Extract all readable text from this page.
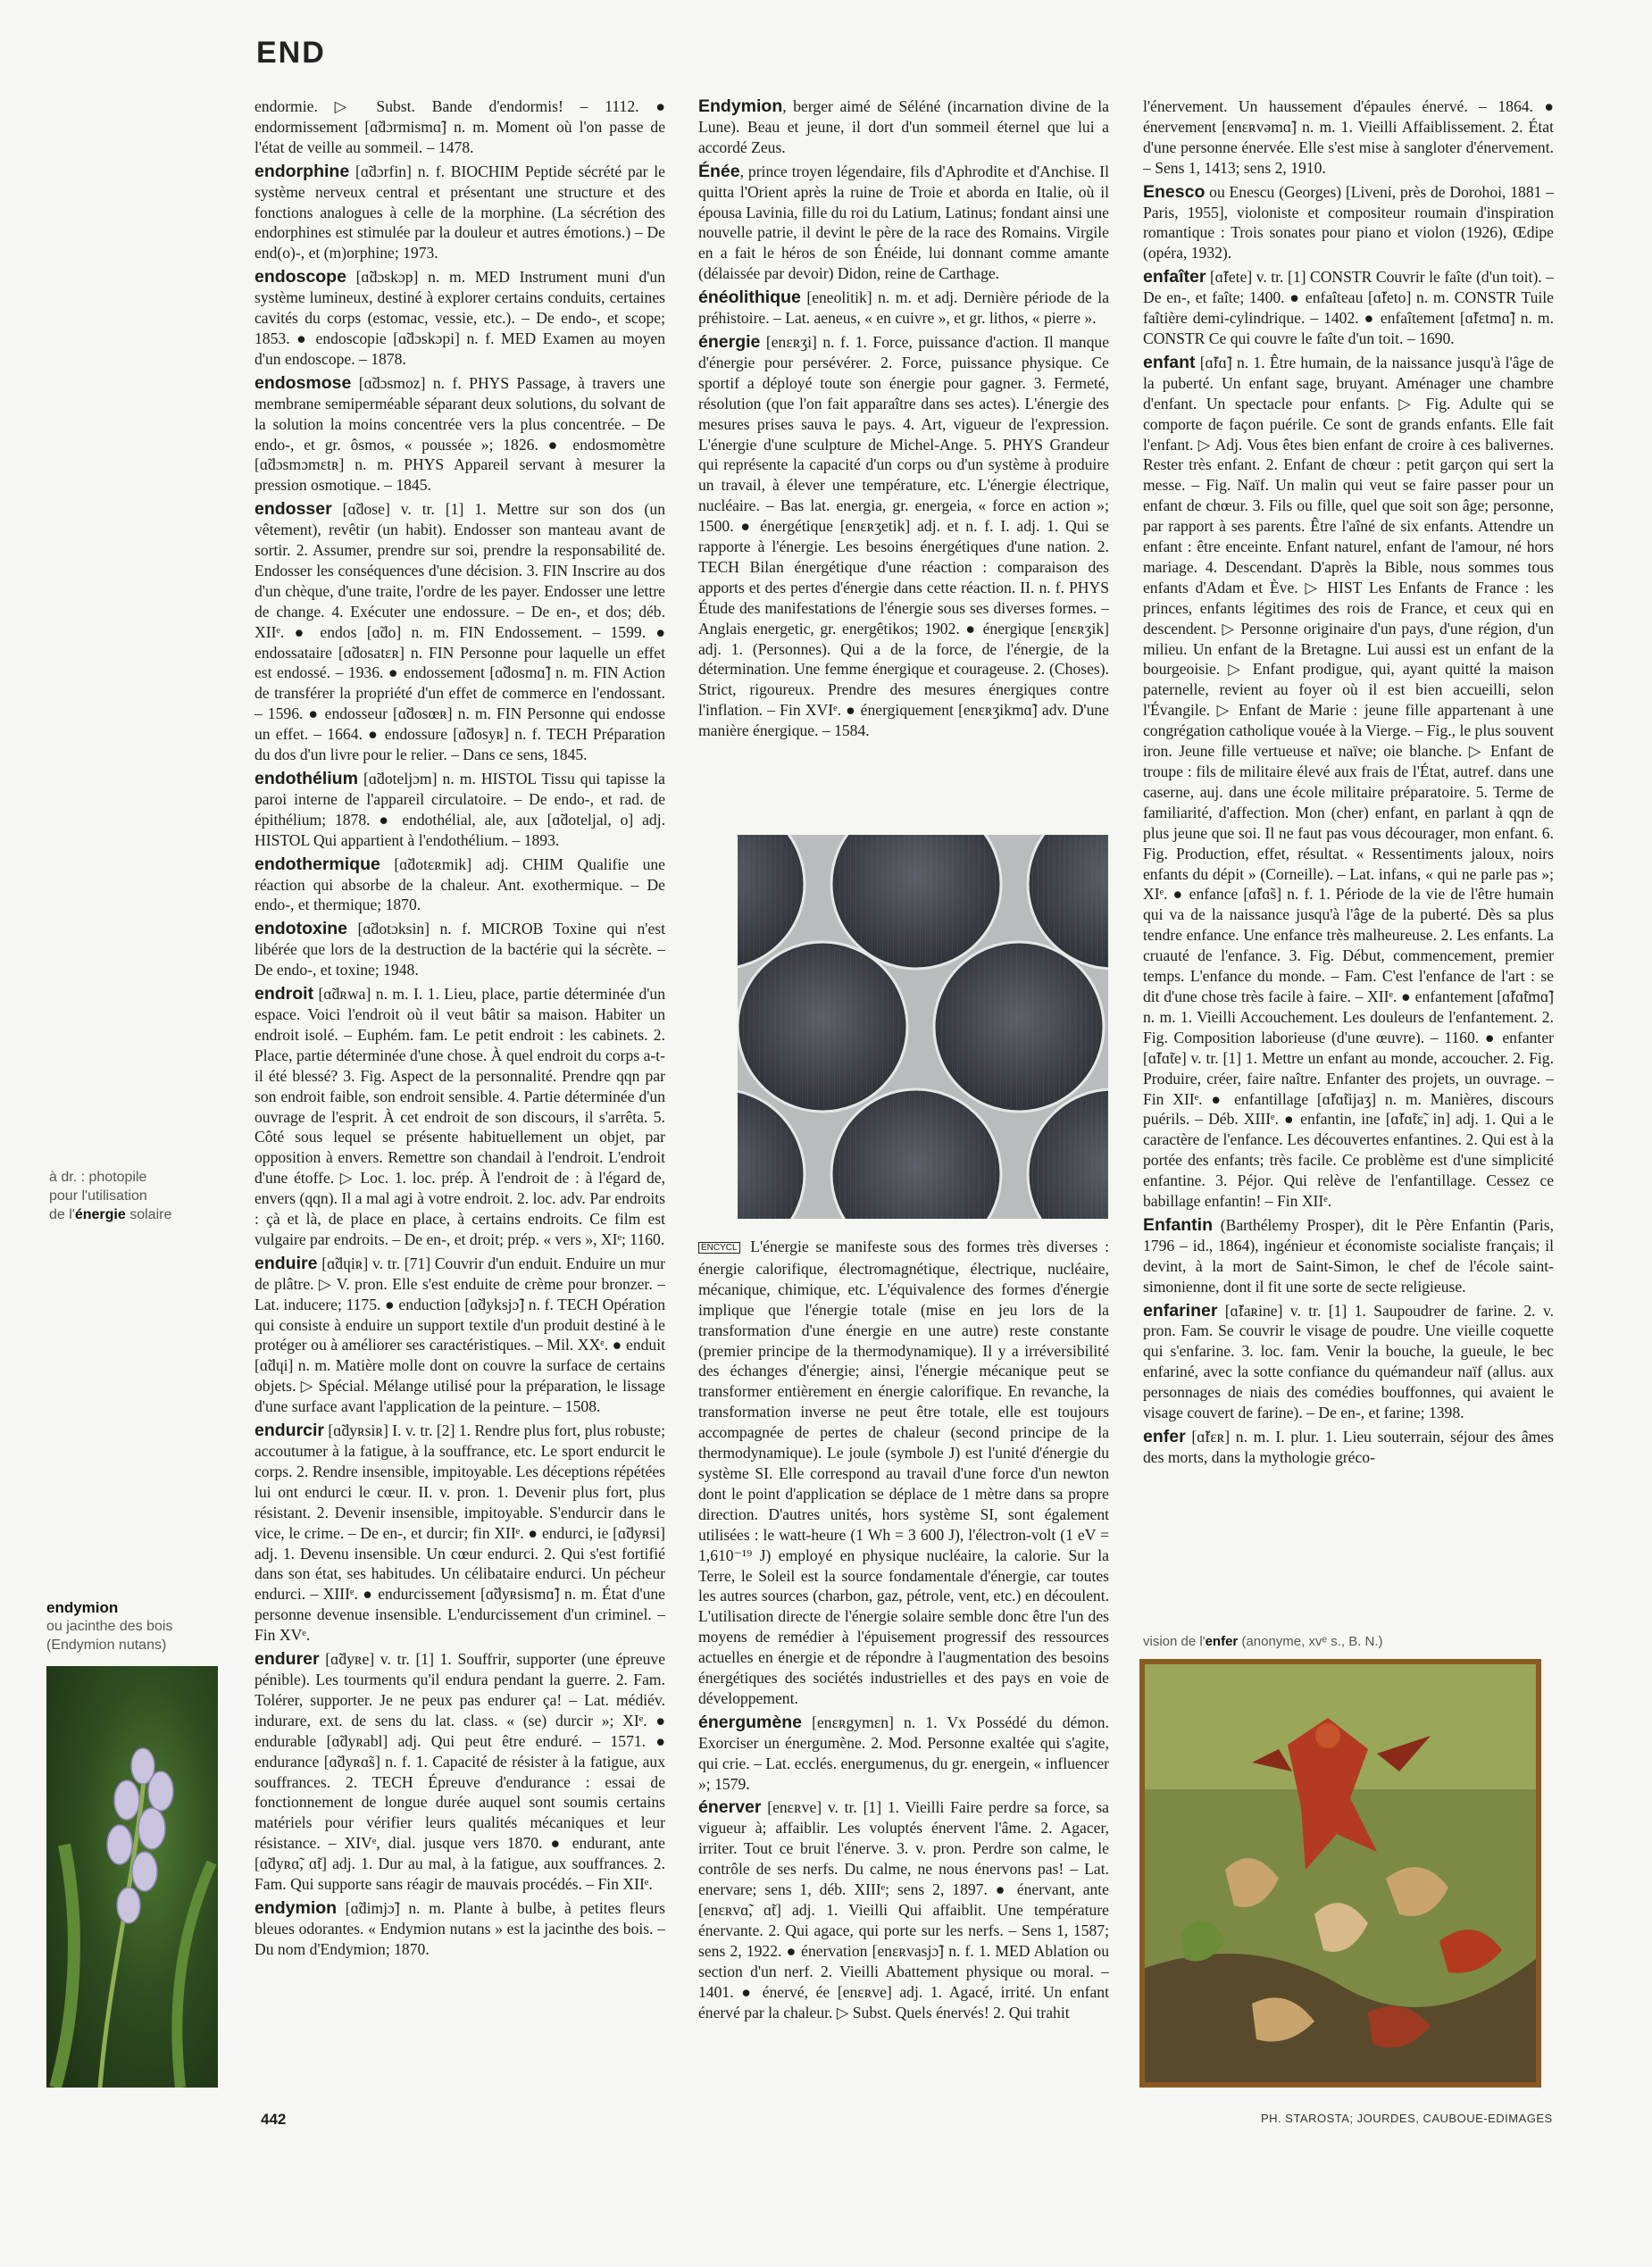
END
endormie. ▷ Subst. Bande d'endormis! – 1112. ● endormissement [ɑ̃dɔrmismɑ̃] n. m. Moment où l'on passe de l'état de veille au sommeil. – 1478.
endorphine [ɑ̃dɔrfin] n. f. BIOCHIM Peptide sécrété par le système nerveux central et présentant une structure et des fonctions analogues à celle de la morphine. (La sécrétion des endorphines est stimulée par la douleur et autres émotions.) – De end(o)-, et (m)orphine; 1973.
endoscope [ɑ̃dɔskɔp] n. m. MED Instrument muni d'un système lumineux, destiné à explorer certains conduits, certaines cavités du corps (estomac, vessie, etc.). – De endo-, et scope; 1853. ● endoscopie [ɑ̃dɔskɔpi] n. f. MED Examen au moyen d'un endoscope. – 1878.
endosmose [ɑ̃dɔsmoz] n. f. PHYS Passage, à travers une membrane semiperméable séparant deux solutions, du solvant de la solution la moins concentrée vers la plus concentrée. – De endo-, et gr. ôsmos, « poussée »; 1826. ● endosmomètre [ɑ̃dɔsmɔmɛtʀ] n. m. PHYS Appareil servant à mesurer la pression osmotique. – 1845.
endosser [ɑ̃dose] v. tr. [1] 1. Mettre sur son dos (un vêtement), revêtir (un habit). Endosser son manteau avant de sortir. 2. Assumer, prendre sur soi, prendre la responsabilité de. Endosser les conséquences d'une décision. 3. FIN Inscrire au dos d'un chèque, d'une traite, l'ordre de les payer. Endosser une lettre de change. 4. Exécuter une endossure. – De en-, et dos; déb. XIIᵉ. ● endos [ɑ̃do] n. m. FIN Endossement. – 1599. ● endossataire [ɑ̃dosatɛʀ] n. FIN Personne pour laquelle un effet est endossé. – 1936. ● endossement [ɑ̃dosmɑ̃] n. m. FIN Action de transférer la propriété d'un effet de commerce en l'endossant. – 1596. ● endosseur [ɑ̃dosœʀ] n. m. FIN Personne qui endosse un effet. – 1664. ● endossure [ɑ̃dosyʀ] n. f. TECH Préparation du dos d'un livre pour le relier. – Dans ce sens, 1845.
endothélium [ɑ̃doteljɔm] n. m. HISTOL Tissu qui tapisse la paroi interne de l'appareil circulatoire. – De endo-, et rad. de épithélium; 1878. ● endothélial, ale, aux [ɑ̃doteljal, o] adj. HISTOL Qui appartient à l'endothélium. – 1893.
endothermique [ɑ̃dotɛʀmik] adj. CHIM Qualifie une réaction qui absorbe de la chaleur. Ant. exothermique. – De endo-, et thermique; 1870.
endotoxine [ɑ̃dotɔksin] n. f. MICROB Toxine qui n'est libérée que lors de la destruction de la bactérie qui la sécrète. – De endo-, et toxine; 1948.
endroit [ɑ̃dʀwa] n. m. I. 1. Lieu, place, partie déterminée d'un espace. Voici l'endroit où il veut bâtir sa maison. Habiter un endroit isolé. – Euphém. fam. Le petit endroit : les cabinets. 2. Place, partie déterminée d'une chose. À quel endroit du corps a-t-il été blessé? 3. Fig. Aspect de la personnalité. Prendre qqn par son endroit faible, son endroit sensible. 4. Partie déterminée d'un ouvrage de l'esprit. À cet endroit de son discours, il s'arrêta. 5. Côté sous lequel se présente habituellement un objet, par opposition à envers. Remettre son chandail à l'endroit. L'endroit d'une étoffe. ▷ Loc. 1. loc. prép. À l'endroit de : à l'égard de, envers (qqn). Il a mal agi à votre endroit. 2. loc. adv. Par endroits : çà et là, de place en place, à certains endroits. Ce film est vulgaire par endroits. – De en-, et droit; prép. « vers », XIᵉ; 1160.
enduire [ɑ̃dɥiʀ] v. tr. [71] Couvrir d'un enduit. Enduire un mur de plâtre. ▷ V. pron. Elle s'est enduite de crème pour bronzer. – Lat. inducere; 1175. ● enduction [ɑ̃dyksjɔ̃] n. f. TECH Opération qui consiste à enduire un support textile d'un produit destiné à le protéger ou à améliorer ses caractéristiques. – Mil. XXᵉ. ● enduit [ɑ̃dɥi] n. m. Matière molle dont on couvre la surface de certains objets. ▷ Spécial. Mélange utilisé pour la préparation, le lissage d'une surface avant l'application de la peinture. – 1508.
endurcir [ɑ̃dyʀsiʀ] I. v. tr. [2] 1. Rendre plus fort, plus robuste; accoutumer à la fatigue, à la souffrance, etc. Le sport endurcit le corps. 2. Rendre insensible, impitoyable. Les déceptions répétées lui ont endurci le cœur. II. v. pron. 1. Devenir plus fort, plus résistant. 2. Devenir insensible, impitoyable. S'endurcir dans le vice, le crime. – De en-, et durcir; fin XIIᵉ. ● endurci, ie [ɑ̃dyʀsi] adj. 1. Devenu insensible. Un cœur endurci. 2. Qui s'est fortifié dans son état, ses habitudes. Un célibataire endurci. Un pécheur endurci. – XIIIᵉ. ● endurcissement [ɑ̃dyʀsismɑ̃] n. m. État d'une personne devenue insensible. L'endurcissement d'un criminel. – Fin XVᵉ.
endurer [ɑ̃dyʀe] v. tr. [1] 1. Souffrir, supporter (une épreuve pénible). Les tourments qu'il endura pendant la guerre. 2. Fam. Tolérer, supporter. Je ne peux pas endurer ça! – Lat. médiév. indurare, ext. de sens du lat. class. « (se) durcir »; XIᵉ. ● endurable [ɑ̃dyʀabl] adj. Qui peut être enduré. – 1571. ● endurance [ɑ̃dyʀɑ̃s] n. f. 1. Capacité de résister à la fatigue, aux souffrances. 2. TECH Épreuve d'endurance : essai de fonctionnement de longue durée auquel sont soumis certains matériels pour vérifier leurs qualités mécaniques et leur résistance. – XIVᵉ, dial. jusque vers 1870. ● endurant, ante [ɑ̃dyʀɑ̃, ɑ̃t] adj. 1. Dur au mal, à la fatigue, aux souffrances. 2. Fam. Qui supporte sans réagir de mauvais procédés. – Fin XIIᵉ.
endymion [ɑ̃dimjɔ̃] n. m. Plante à bulbe, à petites fleurs bleues odorantes. « Endymion nutans » est la jacinthe des bois. – Du nom d'Endymion; 1870.
Endymion, berger aimé de Séléné (incarnation divine de la Lune). Beau et jeune, il dort d'un sommeil éternel que lui a accordé Zeus.
Énée, prince troyen légendaire, fils d'Aphrodite et d'Anchise. Il quitta l'Orient après la ruine de Troie et aborda en Italie, où il épousa Lavinia, fille du roi du Latium, Latinus; fondant ainsi une nouvelle patrie, il devint le père de la race des Romains. Virgile en a fait le héros de son Énéide, lui donnant comme amante (délaissée par devoir) Didon, reine de Carthage.
énéolithique [eneolitik] n. m. et adj. Dernière période de la préhistoire. – Lat. aeneus, « en cuivre », et gr. lithos, « pierre ».
énergie [enɛʀʒi] n. f. 1. Force, puissance d'action. Il manque d'énergie pour persévérer. 2. Force, puissance physique. Ce sportif a déployé toute son énergie pour gagner. 3. Fermeté, résolution (que l'on fait apparaître dans ses actes). L'énergie des mesures prises sauva le pays. 4. Art, vigueur de l'expression. L'énergie d'une sculpture de Michel-Ange. 5. PHYS Grandeur qui représente la capacité d'un corps ou d'un système à produire un travail, à élever une température, etc. L'énergie électrique, nucléaire. – Bas lat. energia, gr. energeia, « force en action »; 1500. ● énergétique [enɛʀʒetik] adj. et n. f. I. adj. 1. Qui se rapporte à l'énergie. Les besoins énergétiques d'une nation. 2. TECH Bilan énergétique d'une réaction : comparaison des apports et des pertes d'énergie dans cette réaction. II. n. f. PHYS Étude des manifestations de l'énergie sous ses diverses formes. – Anglais energetic, gr. energêtikos; 1902. ● énergique [enɛʀʒik] adj. 1. (Personnes). Qui a de la force, de l'énergie, de la détermination. Une femme énergique et courageuse. 2. (Choses). Strict, rigoureux. Prendre des mesures énergiques contre l'inflation. – Fin XVIᵉ. ● énergiquement [enɛʀʒikmɑ̃] adv. D'une manière énergique. – 1584.
ENCYCL L'énergie se manifeste sous des formes très diverses : énergie calorifique, électromagnétique, électrique, nucléaire, mécanique, chimique, etc. L'équivalence des formes d'énergie implique que l'énergie totale (mise en jeu lors de la transformation d'une énergie en une autre) reste constante (premier principe de la thermodynamique). Il y a irréversibilité des échanges d'énergie; ainsi, l'énergie mécanique peut se transformer entièrement en énergie calorifique. En revanche, la transformation inverse ne peut être totale, elle est toujours accompagnée de pertes de chaleur (second principe de la thermodynamique). Le joule (symbole J) est l'unité d'énergie du système SI. Elle correspond au travail d'une force d'un newton dont le point d'application se déplace de 1 mètre dans sa propre direction. D'autres unités, hors système SI, sont également utilisées : le watt-heure (1 Wh = 3 600 J), l'électron-volt (1 eV = 1,610⁻¹⁹ J) employé en physique nucléaire, la calorie. Sur la Terre, le Soleil est la source fondamentale d'énergie, car toutes les autres sources (charbon, gaz, pétrole, vent, etc.) en découlent. L'utilisation directe de l'énergie solaire semble donc être l'un des moyens de remédier à l'épuisement progressif des ressources actuelles en énergie et de répondre à l'augmentation des besoins énergétiques des sociétés industrielles et des pays en voie de développement.
énergumène [enɛʀgymɛn] n. 1. Vx Possédé du démon. Exorciser un énergumène. 2. Mod. Personne exaltée qui s'agite, qui crie. – Lat. ecclés. energumenus, du gr. energein, « influencer »; 1579.
énerver [enɛʀve] v. tr. [1] 1. Vieilli Faire perdre sa force, sa vigueur à; affaiblir. Les voluptés énervent l'âme. 2. Agacer, irriter. Tout ce bruit l'énerve. 3. v. pron. Perdre son calme, le contrôle de ses nerfs. Du calme, ne nous énervons pas! – Lat. enervare; sens 1, déb. XIIIᵉ; sens 2, 1897. ● énervant, ante [enɛʀvɑ̃, ɑ̃t] adj. 1. Vieilli Qui affaiblit. Une température énervante. 2. Qui agace, qui porte sur les nerfs. – Sens 1, 1587; sens 2, 1922. ● énervation [enɛʀvasjɔ̃] n. f. 1. MED Ablation ou section d'un nerf. 2. Vieilli Abattement physique ou moral. – 1401. ● énervé, ée [enɛʀve] adj. 1. Agacé, irrité. Un enfant énervé par la chaleur. ▷ Subst. Quels énervés! 2. Qui trahit
l'énervement. Un haussement d'épaules énervé. – 1864. ● énervement [enɛʀvəmɑ̃] n. m. 1. Vieilli Affaiblissement. 2. État d'une personne énervée. Elle s'est mise à sangloter d'énervement. – Sens 1, 1413; sens 2, 1910.
Enesco ou Enescu (Georges) [Liveni, près de Dorohoi, 1881 – Paris, 1955], violoniste et compositeur roumain d'inspiration romantique : Trois sonates pour piano et violon (1926), Œdipe (opéra, 1932).
enfaîter [ɑ̃fete] v. tr. [1] CONSTR Couvrir le faîte (d'un toit). – De en-, et faîte; 1400. ● enfaîteau [ɑ̃feto] n. m. CONSTR Tuile faîtière demi-cylindrique. – 1402. ● enfaîtement [ɑ̃fɛtmɑ̃] n. m. CONSTR Ce qui couvre le faîte d'un toit. – 1690.
enfant [ɑ̃fɑ̃] n. 1. Être humain, de la naissance jusqu'à l'âge de la puberté. Un enfant sage, bruyant. Aménager une chambre d'enfant. Un spectacle pour enfants. ▷ Fig. Adulte qui se comporte de façon puérile. Ce sont de grands enfants. Elle fait l'enfant. ▷ Adj. Vous êtes bien enfant de croire à ces balivernes. Rester très enfant. 2. Enfant de chœur : petit garçon qui sert la messe. – Fig. Naïf. Un malin qui veut se faire passer pour un enfant de chœur. 3. Fils ou fille, quel que soit son âge; personne, par rapport à ses parents. Être l'aîné de six enfants. Attendre un enfant : être enceinte. Enfant naturel, enfant de l'amour, né hors mariage. 4. Descendant. D'après la Bible, nous sommes tous enfants d'Adam et Ève. ▷ HIST Les Enfants de France : les princes, enfants légitimes des rois de France, et ceux qui en descendent. ▷ Personne originaire d'un pays, d'une région, d'un milieu. Un enfant de la Bretagne. Lui aussi est un enfant de la bourgeoisie. ▷ Enfant prodigue, qui, ayant quitté la maison paternelle, revient au foyer où il est bien accueilli, selon l'Évangile. ▷ Enfant de Marie : jeune fille appartenant à une congrégation catholique vouée à la Vierge. – Fig., le plus souvent iron. Jeune fille vertueuse et naïve; oie blanche. ▷ Enfant de troupe : fils de militaire élevé aux frais de l'État, autref. dans une caserne, auj. dans une école militaire préparatoire. 5. Terme de familiarité, d'affection. Mon (cher) enfant, en parlant à qqn de plus jeune que soi. Il ne faut pas vous décourager, mon enfant. 6. Fig. Production, effet, résultat. « Ressentiments jaloux, noirs enfants du dépit » (Corneille). – Lat. infans, « qui ne parle pas »; XIᵉ. ● enfance [ɑ̃fɑ̃s] n. f. 1. Période de la vie de l'être humain qui va de la naissance jusqu'à l'âge de la puberté. Dès sa plus tendre enfance. Une enfance très malheureuse. 2. Les enfants. La cruauté de l'enfance. 3. Fig. Début, commencement, premier temps. L'enfance du monde. – Fam. C'est l'enfance de l'art : se dit d'une chose très facile à faire. – XIIᵉ. ● enfantement [ɑ̃fɑ̃tmɑ̃] n. m. 1. Vieilli Accouchement. Les douleurs de l'enfantement. 2. Fig. Composition laborieuse (d'une œuvre). – 1160. ● enfanter [ɑ̃fɑ̃te] v. tr. [1] 1. Mettre un enfant au monde, accoucher. 2. Fig. Produire, créer, faire naître. Enfanter des projets, un ouvrage. – Fin XIIᵉ. ● enfantillage [ɑ̃fɑ̃tijaʒ] n. m. Manières, discours puérils. – Déb. XIIIᵉ. ● enfantin, ine [ɑ̃fɑ̃tɛ̃, in] adj. 1. Qui a le caractère de l'enfance. Les découvertes enfantines. 2. Qui est à la portée des enfants; très facile. Ce problème est d'une simplicité enfantine. 3. Péjor. Qui relève de l'enfantillage. Cessez ce babillage enfantin! – Fin XIIᵉ.
Enfantin (Barthélemy Prosper), dit le Père Enfantin (Paris, 1796 – id., 1864), ingénieur et économiste socialiste français; il devint, à la mort de Saint-Simon, le chef de l'école saint-simonienne, dont il fit une sorte de secte religieuse.
enfariner [ɑ̃faʀine] v. tr. [1] 1. Saupoudrer de farine. 2. v. pron. Fam. Se couvrir le visage de poudre. Une vieille coquette qui s'enfarine. 3. loc. fam. Venir la bouche, la gueule, le bec enfariné, avec la sotte confiance du quémandeur naïf (allus. aux personnages de niais des comédies bouffonnes, qui avaient le visage couvert de farine). – De en-, et farine; 1398.
enfer [ɑ̃fɛʀ] n. m. I. plur. 1. Lieu souterrain, séjour des âmes des morts, dans la mythologie gréco-
à dr. : photopile
pour l'utilisation
de l'énergie solaire
endymion
ou jacinthe des bois
(Endymion nutans)	vision de l'enfer (anonyme, xvᵉ s., B. N.)
442	PH. STAROSTA; JOURDES, CAUBOUE-EDIMAGES
